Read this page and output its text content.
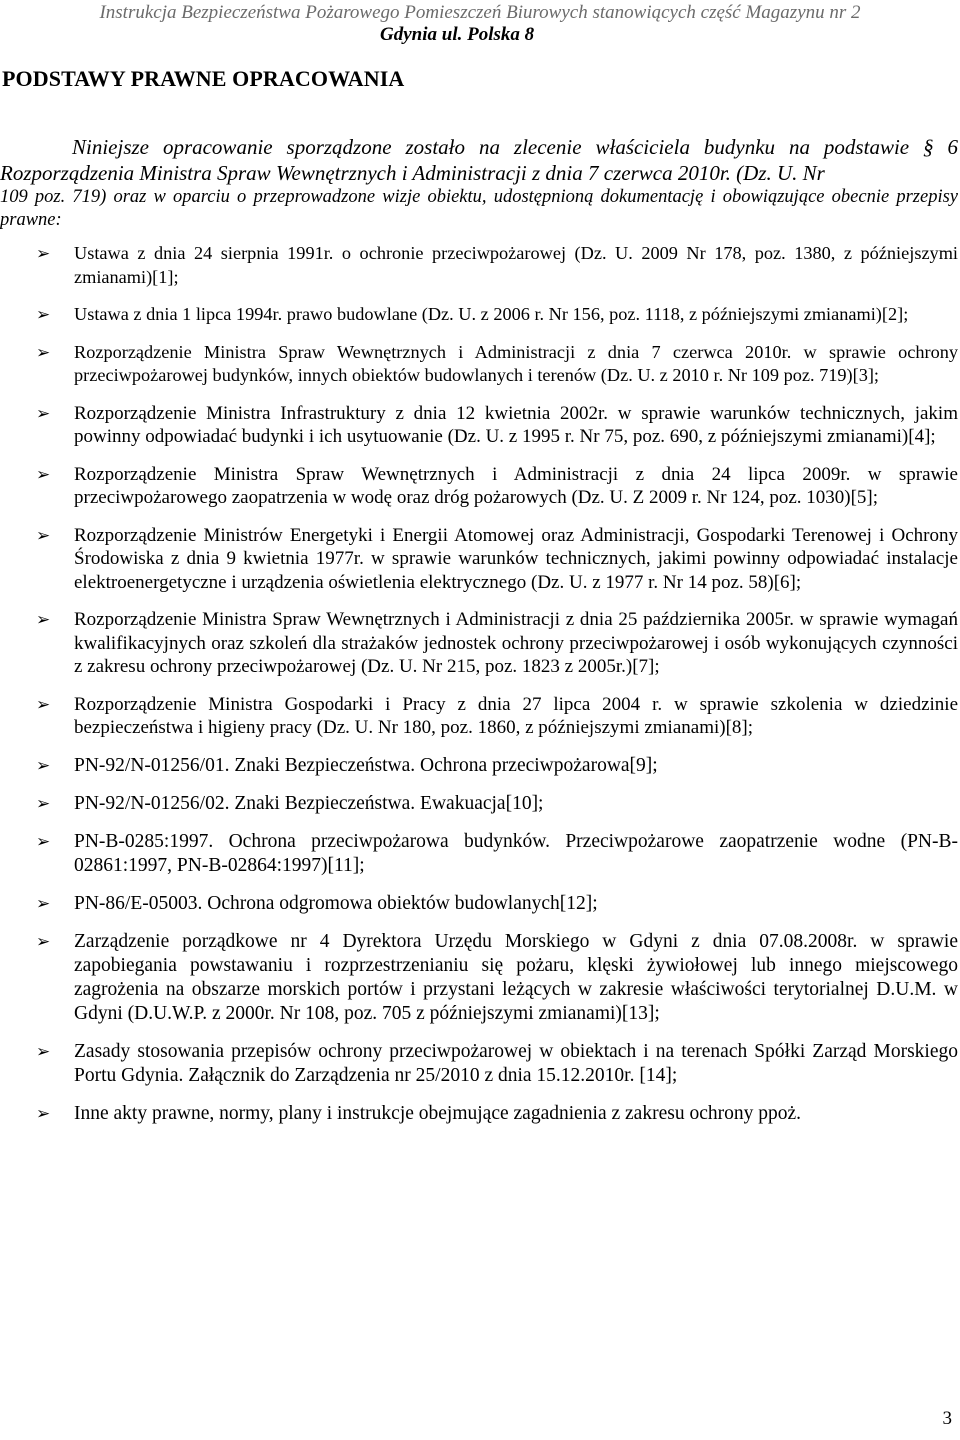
Instrukcja Bezpieczeństwa Pożarowego Pomieszczeń Biurowych stanowiących część Magazynu nr 2
Gdynia ul. Polska 8
PODSTAWY PRAWNE OPRACOWANIA
Niniejsze opracowanie sporządzone zostało na zlecenie właściciela budynku na podstawie § 6 Rozporządzenia Ministra Spraw Wewnętrznych i Administracji z dnia 7 czerwca 2010r. (Dz. U. Nr
109 poz. 719) oraz w oparciu o przeprowadzone wizje obiektu, udostępnioną dokumentację i obowiązujące obecnie przepisy prawne:
➢ Ustawa z dnia 24 sierpnia 1991r. o ochronie przeciwpożarowej (Dz. U. 2009 Nr 178, poz. 1380, z późniejszymi zmianami)[1];
➢ Ustawa z dnia 1 lipca 1994r. prawo budowlane (Dz. U. z 2006 r. Nr 156, poz. 1118, z późniejszymi zmianami)[2];
➢ Rozporządzenie Ministra Spraw Wewnętrznych i Administracji z dnia 7 czerwca 2010r. w sprawie ochrony przeciwpożarowej budynków, innych obiektów budowlanych i terenów (Dz. U. z 2010 r. Nr 109 poz. 719)[3];
➢ Rozporządzenie Ministra Infrastruktury z dnia 12 kwietnia 2002r. w sprawie warunków technicznych, jakim powinny odpowiadać budynki i ich usytuowanie (Dz. U. z 1995 r. Nr 75, poz. 690, z późniejszymi zmianami)[4];
➢ Rozporządzenie Ministra Spraw Wewnętrznych i Administracji z dnia 24 lipca 2009r. w sprawie przeciwpożarowego zaopatrzenia w wodę oraz dróg pożarowych (Dz. U. Z 2009 r. Nr 124, poz. 1030)[5];
➢ Rozporządzenie Ministrów Energetyki i Energii Atomowej oraz Administracji, Gospodarki Terenowej i Ochrony Środowiska z dnia 9 kwietnia 1977r. w sprawie warunków technicznych, jakimi powinny odpowiadać instalacje elektroenergetyczne i urządzenia oświetlenia elektrycznego (Dz. U. z 1977 r. Nr 14 poz. 58)[6];
➢ Rozporządzenie Ministra Spraw Wewnętrznych i Administracji z dnia 25 października 2005r. w sprawie wymagań kwalifikacyjnych oraz szkoleń dla strażaków jednostek ochrony przeciwpożarowej i osób wykonujących czynności z zakresu ochrony przeciwpożarowej (Dz. U. Nr 215, poz. 1823 z 2005r.)[7];
➢ Rozporządzenie Ministra Gospodarki i Pracy z dnia 27 lipca 2004 r. w sprawie szkolenia w dziedzinie bezpieczeństwa i higieny pracy (Dz. U. Nr 180, poz. 1860, z późniejszymi zmianami)[8];
➢ PN-92/N-01256/01. Znaki Bezpieczeństwa. Ochrona przeciwpożarowa[9];
➢ PN-92/N-01256/02. Znaki Bezpieczeństwa. Ewakuacja[10];
➢ PN-B-0285:1997. Ochrona przeciwpożarowa budynków. Przeciwpożarowe zaopatrzenie wodne (PN-B-02861:1997, PN-B-02864:1997)[11];
➢ PN-86/E-05003. Ochrona odgromowa obiektów budowlanych[12];
➢ Zarządzenie porządkowe nr 4 Dyrektora Urzędu Morskiego w Gdyni z dnia 07.08.2008r. w sprawie zapobiegania powstawaniu i rozprzestrzenianiu się pożaru, klęski żywiołowej lub innego miejscowego zagrożenia na obszarze morskich portów i przystani leżących w zakresie właściwości terytorialnej D.U.M. w Gdyni (D.U.W.P. z 2000r. Nr 108, poz. 705 z późniejszymi zmianami)[13];
➢ Zasady stosowania przepisów ochrony przeciwpożarowej w obiektach i na terenach Spółki Zarząd Morskiego Portu Gdynia. Załącznik do Zarządzenia nr 25/2010 z dnia 15.12.2010r. [14];
➢ Inne akty prawne, normy, plany i instrukcje obejmujące zagadnienia z zakresu ochrony ppoż.
3
